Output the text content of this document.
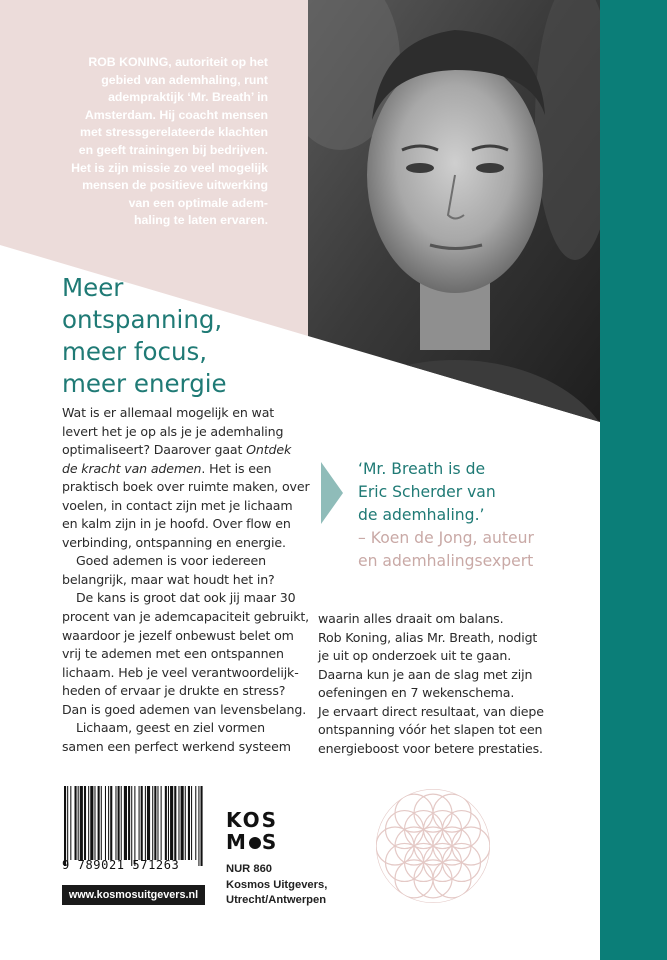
ROB KONING, autoriteit op het
gebied van ademhaling, runt
adempraktijk ‘Mr. Breath’ in
Amsterdam. Hij coacht mensen
met stressgerelateerde klachten
en geeft trainingen bij bedrijven.
Het is zijn missie zo veel mogelijk
mensen de positieve uitwerking
van een optimale adem-
haling te laten ervaren.
Meer
ontspanning,
meer focus,
meer energie
Wat is er allemaal mogelijk en wat
levert het je op als je je ademhaling
optimaliseert? Daarover gaat Ontdek
de kracht van ademen. Het is een
praktisch boek over ruimte maken, over
voelen, in contact zijn met je lichaam
en kalm zijn in je hoofd. Over flow en
verbinding, ontspanning en energie.
Goed ademen is voor iedereen
belangrijk, maar wat houdt het in?
De kans is groot dat ook jij maar 30
procent van je ademcapaciteit gebruikt,
waardoor je jezelf onbewust belet om
vrij te ademen met een ontspannen
lichaam. Heb je veel verantwoordelijk-
heden of ervaar je drukte en stress?
Dan is goed ademen van levensbelang.
Lichaam, geest en ziel vormen
samen een perfect werkend systeem
waarin alles draait om balans.
Rob Koning, alias Mr. Breath, nodigt
je uit op onderzoek uit te gaan.
Daarna kun je aan de slag met zijn
oefeningen en 7 wekenschema.
Je ervaart direct resultaat, van diepe
ontspanning vóór het slapen tot een
energieboost voor betere prestaties.
‘Mr. Breath is de
Eric Scherder van
de ademhaling.’
– Koen de Jong, auteur
en ademhalingsexpert
9 789021 571263
www.kosmosuitgevers.nl
KOS
M S
NUR 860
Kosmos Uitgevers,
Utrecht/Antwerpen
